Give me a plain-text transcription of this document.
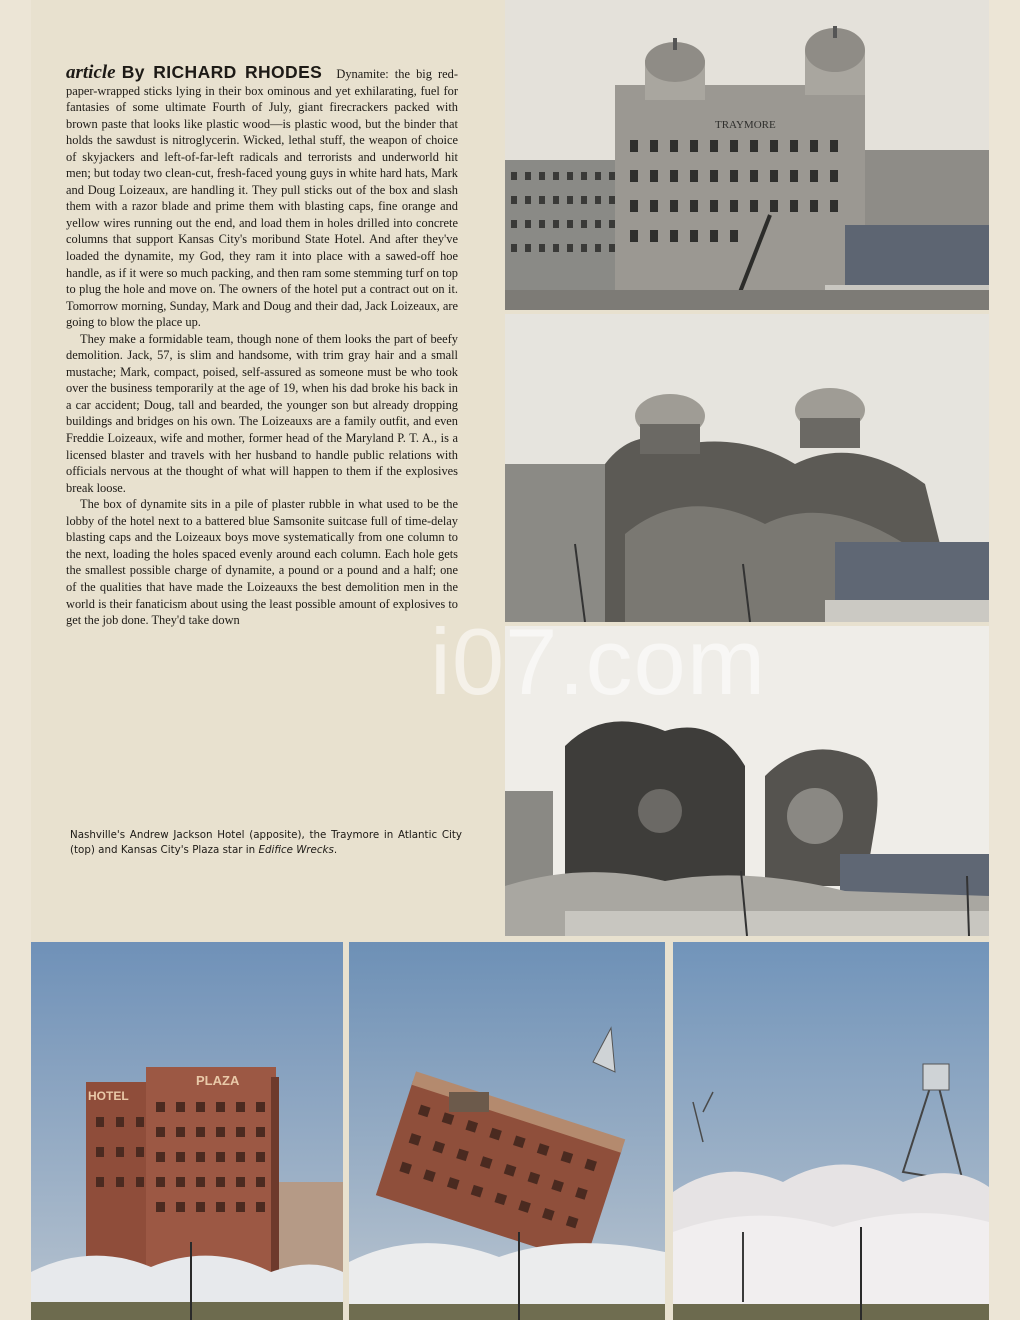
article By RICHARD RHODES Dynamite: the big red-paper-wrapped sticks lying in their box ominous and yet exhilarating, fuel for fantasies of some ultimate Fourth of July, giant firecrackers packed with brown paste that looks like plastic wood—is plastic wood, but the binder that holds the sawdust is nitroglycerin. Wicked, lethal stuff, the weapon of choice of skyjackers and left-of-far-left radicals and terrorists and underworld hit men; but today two clean-cut, fresh-faced young guys in white hard hats, Mark and Doug Loizeaux, are handling it. They pull sticks out of the box and slash them with a razor blade and prime them with blasting caps, fine orange and yellow wires running out the end, and load them in holes drilled into concrete columns that support Kansas City's moribund State Hotel. And after they've loaded the dynamite, my God, they ram it into place with a sawed-off hoe handle, as if it were so much packing, and then ram some stemming turf on top to plug the hole and move on. The owners of the hotel put a contract out on it. Tomorrow morning, Sunday, Mark and Doug and their dad, Jack Loizeaux, are going to blow the place up.

They make a formidable team, though none of them looks the part of beefy demolition. Jack, 57, is slim and handsome, with trim gray hair and a small mustache; Mark, compact, poised, self-assured as someone must be who took over the business temporarily at the age of 19, when his dad broke his back in a car accident; Doug, tall and bearded, the younger son but already dropping buildings and bridges on his own. The Loizeauxs are a family outfit, and even Freddie Loizeaux, wife and mother, former head of the Maryland P. T. A., is a licensed blaster and travels with her husband to handle public relations with officials nervous at the thought of what will happen to them if the explosives break loose.

The box of dynamite sits in a pile of plaster rubble in what used to be the lobby of the hotel next to a battered blue Samsonite suitcase full of time-delay blasting caps and the Loizeaux boys move systematically from one column to the next, loading the holes spaced evenly around each column. Each hole gets the smallest possible charge of dynamite, a pound or a pound and a half; one of the qualities that have made the Loizeauxs the best demolition men in the world is their fanaticism about using the least possible amount of explosives to get the job done. They'd take down

Nashville's Andrew Jackson Hotel (apposite), the Traymore in Atlantic City (top) and Kansas City's Plaza star in Edifice Wrecks.
TRAYMORE
HOTEL
PLAZA
i07.com
